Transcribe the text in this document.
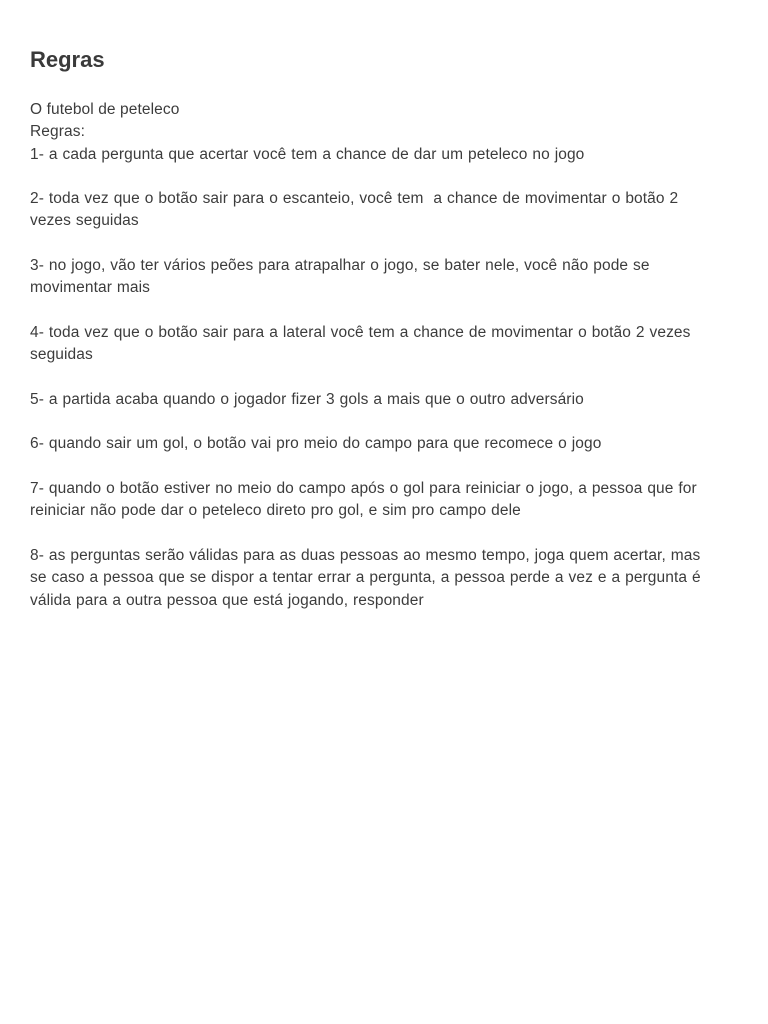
Regras

O futebol de peteleco

Regras:

1- a cada pergunta que acertar você tem a chance de dar um peteleco no jogo

2- toda vez que o botão sair para o escanteio, você tem  a chance de movimentar o botão 2 vezes seguidas

3- no jogo, vão ter vários peões para atrapalhar o jogo, se bater nele, você não pode se movimentar mais

4- toda vez que o botão sair para a lateral você tem a chance de movimentar o botão 2 vezes seguidas

5- a partida acaba quando o jogador fizer 3 gols a mais que o outro adversário

6- quando sair um gol, o botão vai pro meio do campo para que recomece o jogo

7- quando o botão estiver no meio do campo após o gol para reiniciar o jogo, a pessoa que for reiniciar não pode dar o peteleco direto pro gol, e sim pro campo dele

8- as perguntas serão válidas para as duas pessoas ao mesmo tempo, joga quem acertar, mas se caso a pessoa que se dispor a tentar errar a pergunta, a pessoa perde a vez e a pergunta é válida para a outra pessoa que está jogando, responder
